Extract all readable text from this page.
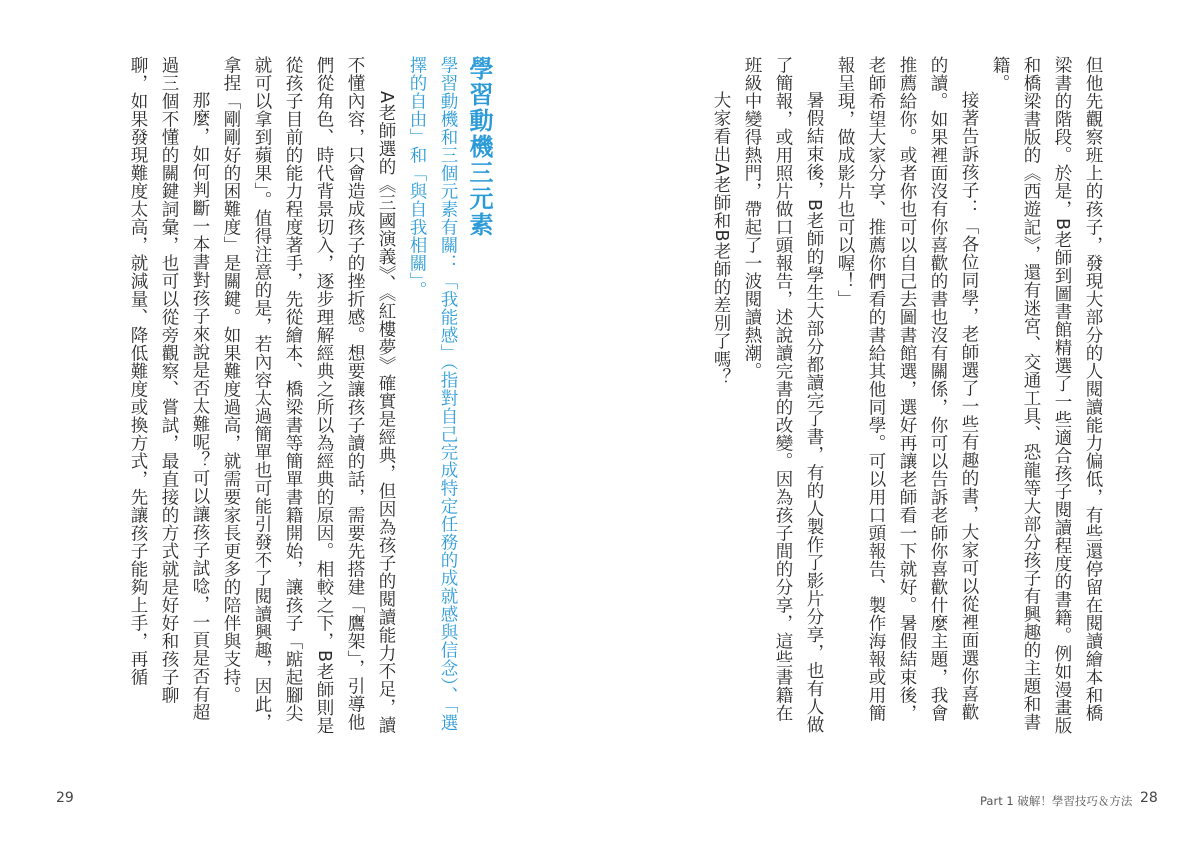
學習動機三元素

學習動機和三個元素有關：「我能感」（指對自己完成特定任務的成就感與信念）、「選擇的自由」和「與自我相關」。

A老師選的《三國演義》、《紅樓夢》確實是經典，但因為孩子的閱讀能力不足，讀不懂內容，只會造成孩子的挫折感。想要讓孩子讀的話，需要先搭建「鷹架」，引導他們從角色、時代背景切入，逐步理解經典之所以為經典的原因。相較之下，B老師則是從孩子目前的能力程度著手，先從繪本、橋梁書等簡單書籍開始，讓孩子「踮起腳尖就可以拿到蘋果」。值得注意的是，若內容太過簡單也可能引發不了閱讀興趣，因此，拿捏「剛剛好的困難度」是關鍵。如果難度過高，就需要家長更多的陪伴與支持。

那麼，如何判斷一本書對孩子來說是否太難呢？可以讓孩子試唸，一頁是否有超過三個不懂的關鍵詞彙，也可以從旁觀察、嘗試，最直接的方式就是好好和孩子聊聊，如果發現難度太高，就減量、降低難度或換方式，先讓孩子能夠上手，再循

29

但他先觀察班上的孩子，發現大部分的人閱讀能力偏低，有些還停留在閱讀繪本和橋梁書的階段。於是，B老師到圖書館精選了一些適合孩子閱讀程度的書籍。例如漫畫版和橋梁書版的《西遊記》，還有迷宮、交通工具、恐龍等大部分孩子有興趣的主題和書籍。

接著告訴孩子：「各位同學，老師選了一些有趣的書，大家可以從裡面選你喜歡的讀。如果裡面沒有你喜歡的書也沒有關係，你可以告訴老師你喜歡什麼主題，我會推薦給你。或者你也可以自己去圖書館選，選好再讓老師看一下就好。暑假結束後，老師希望大家分享、推薦你們看的書給其他同學。可以用口頭報告、製作海報或用簡報呈現，做成影片也可以喔！」

暑假結束後，B老師的學生大部分都讀完了書，有的人製作了影片分享，也有人做了簡報，或用照片做口頭報告，述說讀完書的改變。因為孩子間的分享，這些書籍在班級中變得熱門，帶起了一波閱讀熱潮。

大家看出A老師和B老師的差別了嗎？

Part 1 破解！學習技巧＆方法 28
